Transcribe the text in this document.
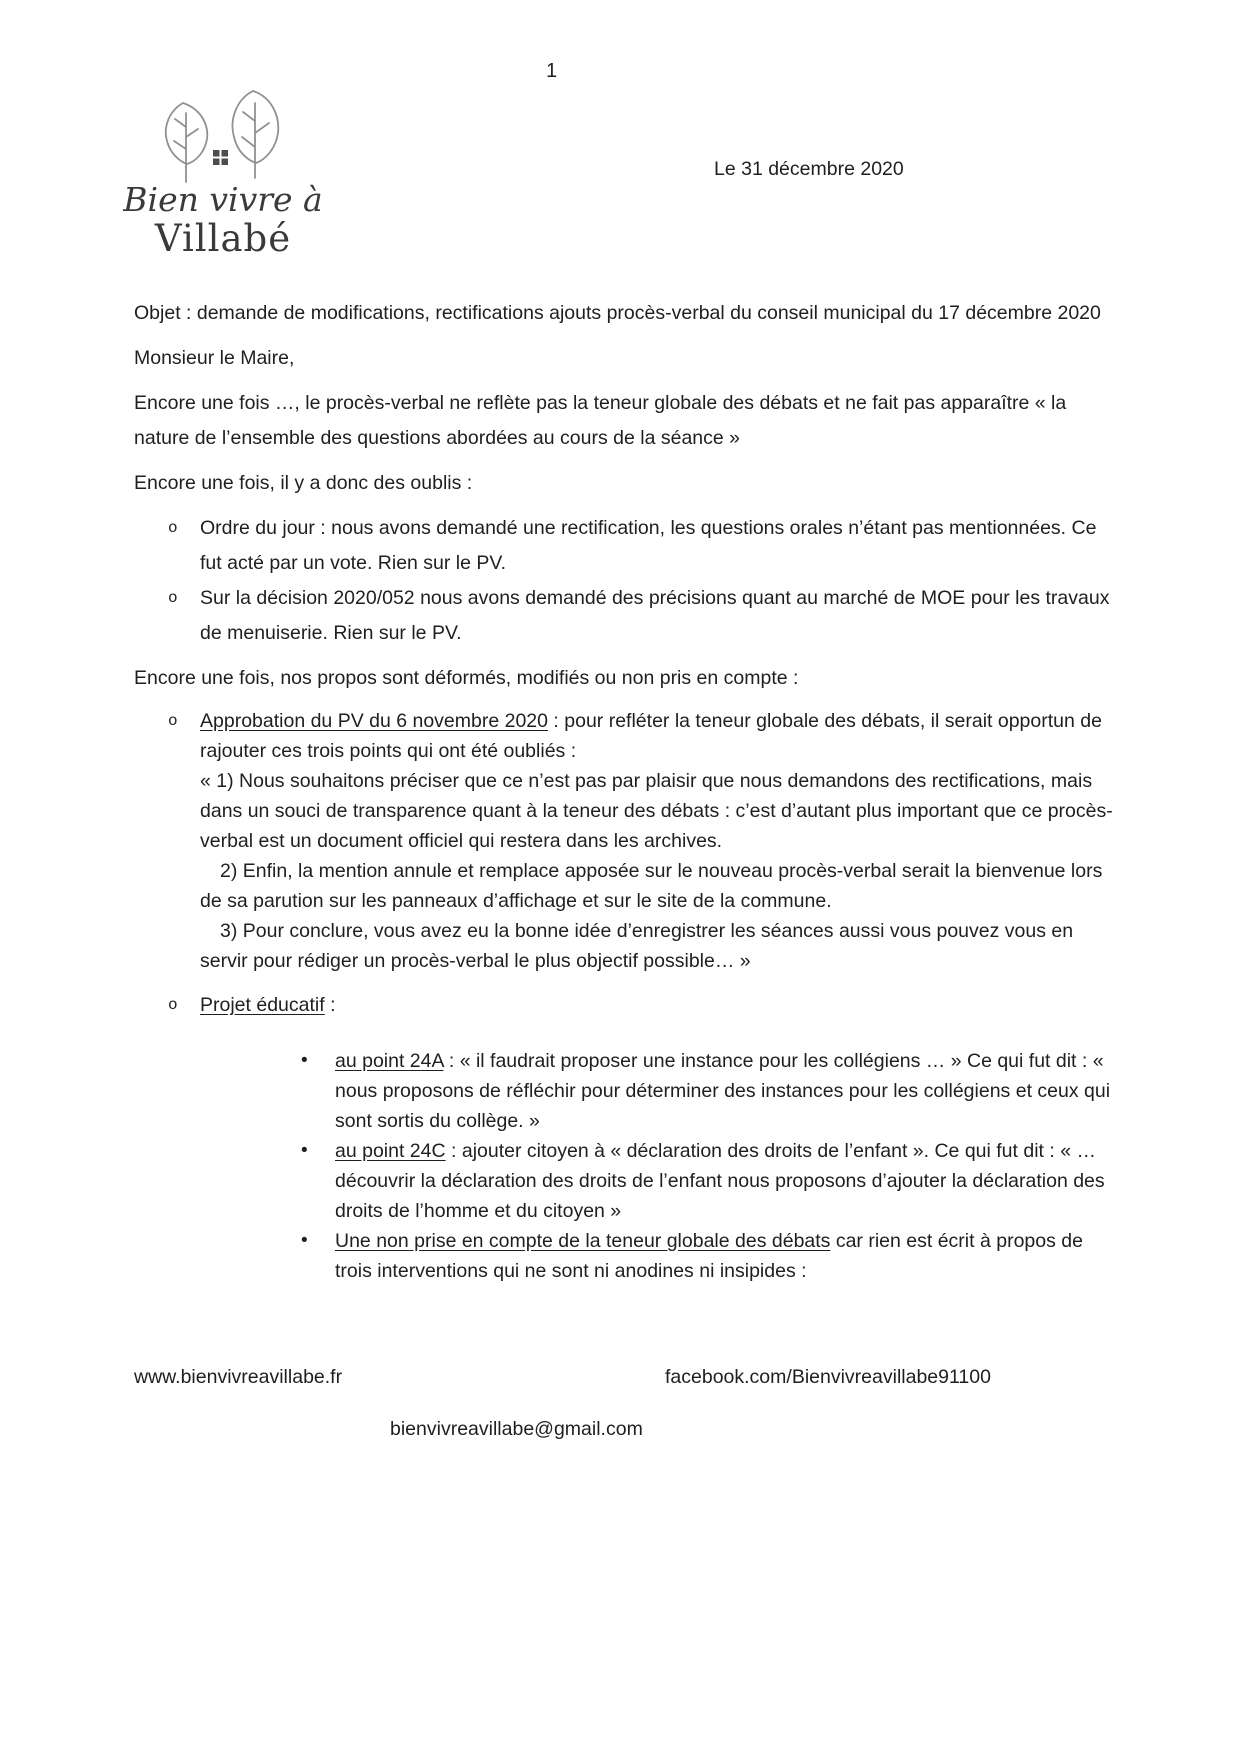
1
Bien vivre à
Villabé
Le 31 décembre 2020

Objet : demande de modifications, rectifications ajouts procès-verbal du conseil municipal du 17 décembre 2020

Monsieur le Maire,

Encore une fois …, le procès-verbal ne reflète pas la teneur globale des débats et ne fait pas apparaître « la nature de l’ensemble des questions abordées au cours de la séance »

Encore une fois, il y a donc des oublis :

o	Ordre du jour : nous avons demandé une rectification, les questions orales n’étant pas mentionnées. Ce fut acté par un vote. Rien sur le PV.
o	Sur la décision 2020/052 nous avons demandé des précisions quant au marché de MOE pour les travaux de menuiserie. Rien sur le PV.

Encore une fois, nos propos sont déformés, modifiés ou non pris en compte :

o	Approbation du PV du 6 novembre 2020 : pour refléter la teneur globale des débats, il serait opportun de rajouter ces trois points qui ont été oubliés :

« 1) Nous souhaitons préciser que ce n’est pas par plaisir que nous demandons des rectifications, mais dans un souci de transparence quant à la teneur des débats : c’est d’autant plus important que ce procès-verbal est un document officiel qui restera dans les archives.

2) Enfin, la mention annule et remplace apposée sur le nouveau procès-verbal serait la bienvenue lors de sa parution sur les panneaux d’affichage et sur le site de la commune.

3) Pour conclure, vous avez eu la bonne idée d’enregistrer les séances aussi vous pouvez vous en servir pour rédiger un procès-verbal le plus objectif possible… »

o	Projet éducatif :
•	au point 24A : « il faudrait proposer une instance pour les collégiens … » Ce qui fut dit : « nous proposons de réfléchir pour déterminer des instances pour les collégiens et ceux qui sont sortis du collège. »
•	au point 24C : ajouter citoyen à « déclaration des droits de l’enfant ». Ce qui fut dit : « … découvrir la déclaration des droits de l’enfant nous proposons d’ajouter la déclaration des droits de l’homme et du citoyen »
•	Une non prise en compte de la teneur globale des débats car rien est écrit à propos de trois interventions qui ne sont ni anodines ni insipides :
www.bienvivreavillabe.fr	facebook.com/Bienvivreavillabe91100
bienvivreavillabe@gmail.com
